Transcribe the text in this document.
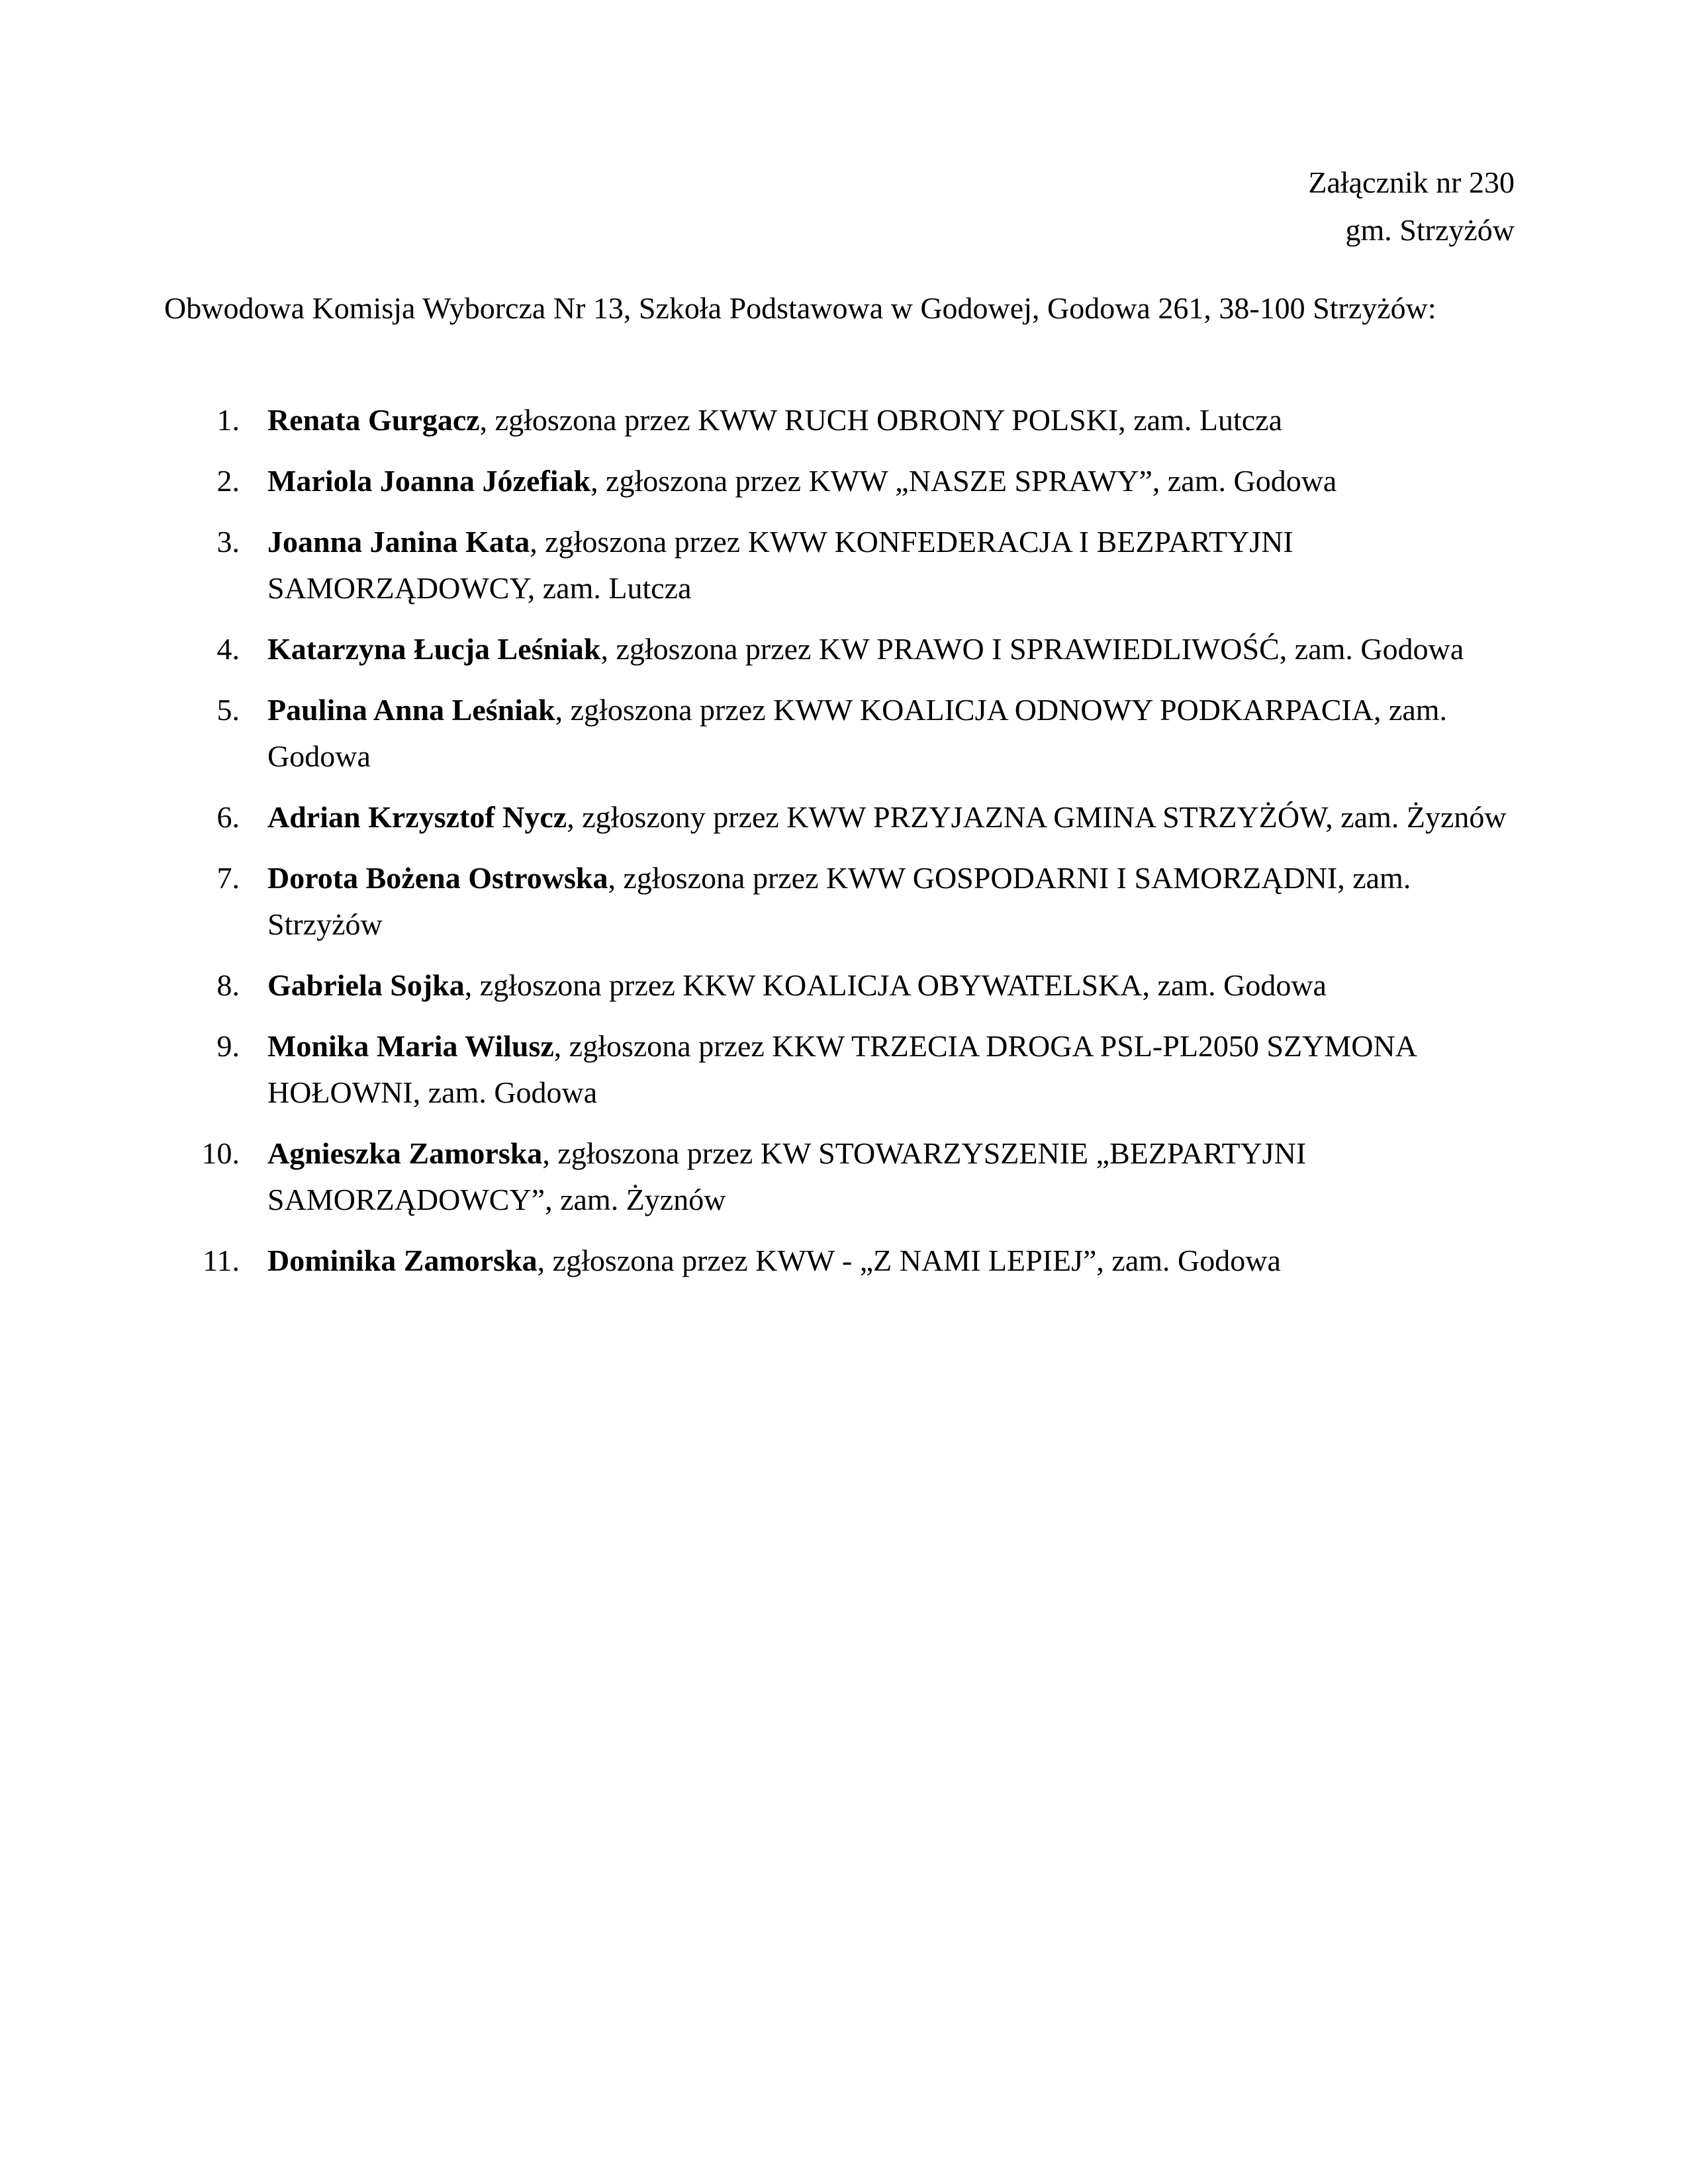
Załącznik nr 230
gm. Strzyżów
Obwodowa Komisja Wyborcza Nr 13, Szkoła Podstawowa w Godowej, Godowa 261, 38-100 Strzyżów:
1. Renata Gurgacz, zgłoszona przez KWW RUCH OBRONY POLSKI, zam. Lutcza
2. Mariola Joanna Józefiak, zgłoszona przez KWW „NASZE SPRAWY”, zam. Godowa
3. Joanna Janina Kata, zgłoszona przez KWW KONFEDERACJA I BEZPARTYJNI SAMORZĄDOWCY, zam. Lutcza
4. Katarzyna Łucja Leśniak, zgłoszona przez KW PRAWO I SPRAWIEDLIWOŚĆ, zam. Godowa
5. Paulina Anna Leśniak, zgłoszona przez KWW KOALICJA ODNOWY PODKARPACIA, zam. Godowa
6. Adrian Krzysztof Nycz, zgłoszony przez KWW PRZYJAZNA GMINA STRZYŻÓW, zam. Żyznów
7. Dorota Bożena Ostrowska, zgłoszona przez KWW GOSPODARNI I SAMORZĄDNI, zam. Strzyżów
8. Gabriela Sojka, zgłoszona przez KKW KOALICJA OBYWATELSKA, zam. Godowa
9. Monika Maria Wilusz, zgłoszona przez KKW TRZECIA DROGA PSL-PL2050 SZYMONA HOŁOWNI, zam. Godowa
10. Agnieszka Zamorska, zgłoszona przez KW STOWARZYSZENIE „BEZPARTYJNI SAMORZĄDOWCY”, zam. Żyznów
11. Dominika Zamorska, zgłoszona przez KWW - „Z NAMI LEPIEJ”, zam. Godowa
